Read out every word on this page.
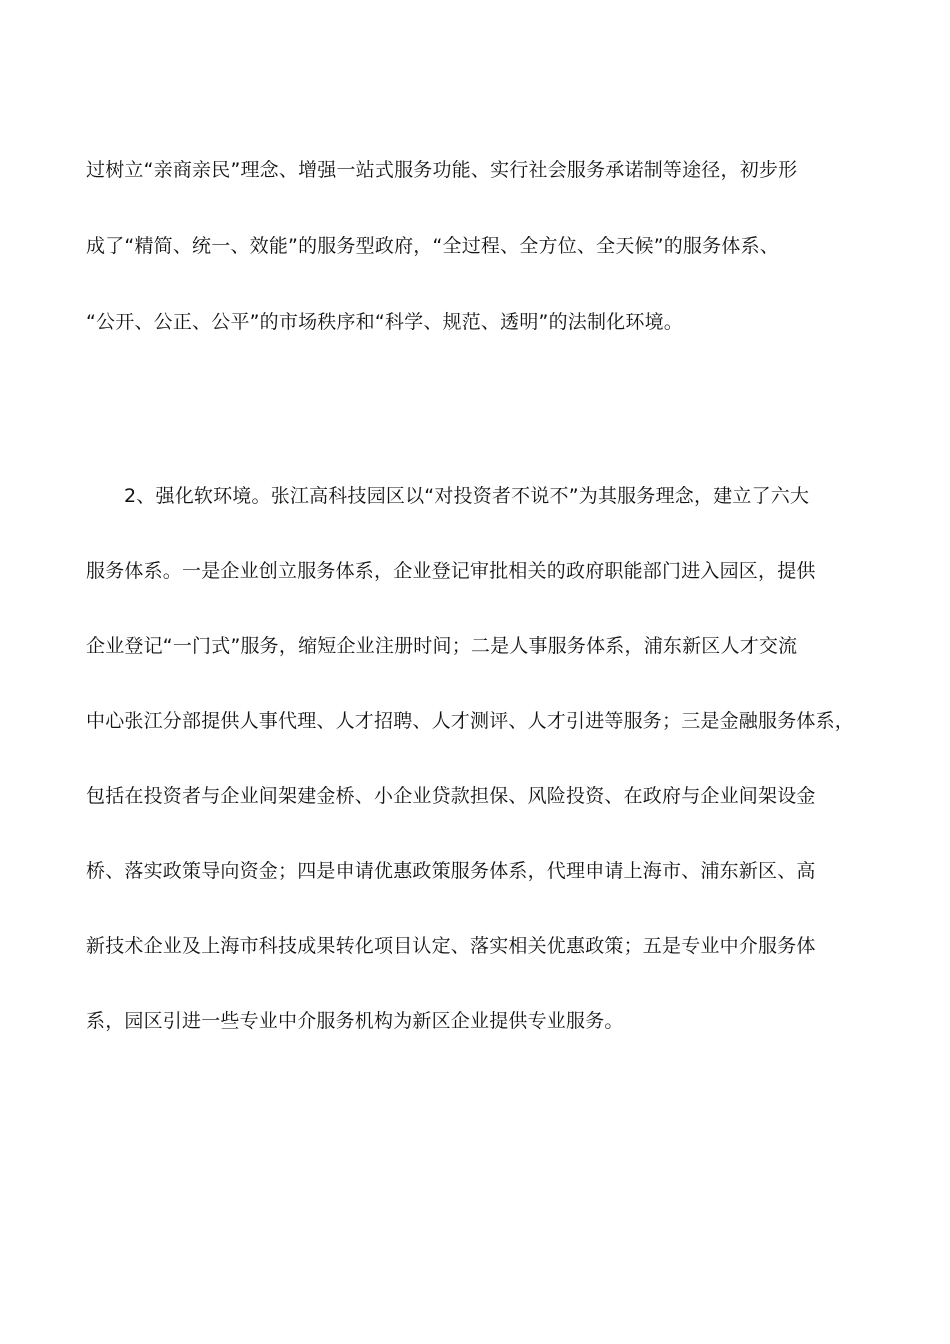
过树立“亲商亲民”理念、增强一站式服务功能、实行社会服务承诺制等途径，初步形
成了“精简、统一、效能”的服务型政府，“全过程、全方位、全天候”的服务体系、
“公开、公正、公平”的市场秩序和“科学、规范、透明”的法制化环境。
2、强化软环境。张江高科技园区以“对投资者不说不”为其服务理念，建立了六大
服务体系。一是企业创立服务体系，企业登记审批相关的政府职能部门进入园区，提供
企业登记“一门式”服务，缩短企业注册时间；二是人事服务体系，浦东新区人才交流
中心张江分部提供人事代理、人才招聘、人才测评、人才引进等服务；三是金融服务体系，
包括在投资者与企业间架建金桥、小企业贷款担保、风险投资、在政府与企业间架设金
桥、落实政策导向资金；四是申请优惠政策服务体系，代理申请上海市、浦东新区、高
新技术企业及上海市科技成果转化项目认定、落实相关优惠政策；五是专业中介服务体
系，园区引进一些专业中介服务机构为新区企业提供专业服务。
